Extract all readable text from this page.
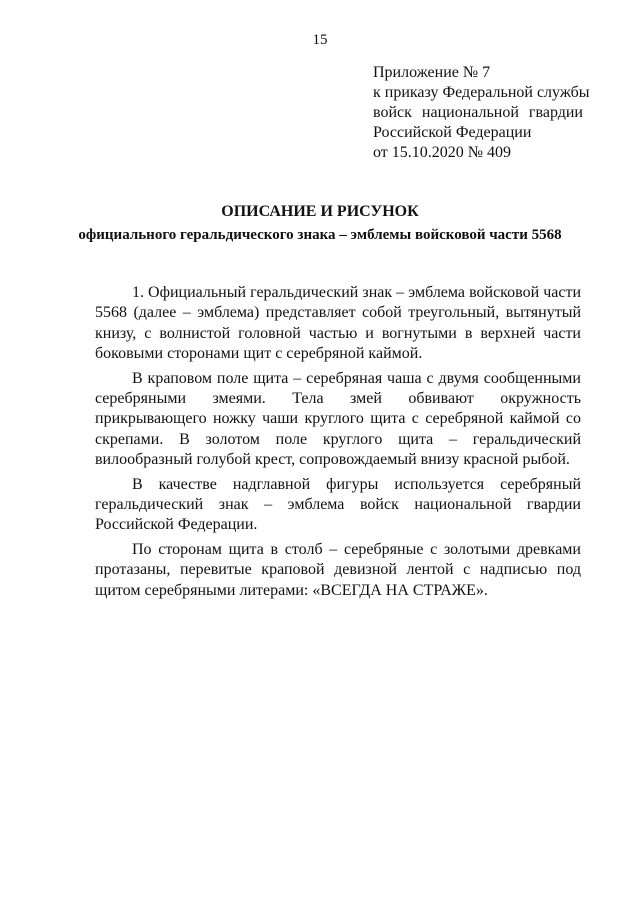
15
Приложение № 7
к приказу Федеральной службы
войск национальной гвардии
Российской Федерации
от 15.10.2020 № 409
ОПИСАНИЕ И РИСУНОК
официального геральдического знака – эмблемы войсковой части 5568

1. Официальный геральдический знак – эмблема войсковой части 5568 (далее – эмблема) представляет собой треугольный, вытянутый книзу, с волнистой головной частью и вогнутыми в верхней части боковыми сторонами щит с серебряной каймой.

В краповом поле щита – серебряная чаша с двумя сообщенными серебряными змеями. Тела змей обвивают окружность прикрывающего ножку чаши круглого щита с серебряной каймой со скрепами. В золотом поле круглого щита – геральдический вилообразный голубой крест, сопровождаемый внизу красной рыбой.

В качестве надглавной фигуры используется серебряный геральдический знак – эмблема войск национальной гвардии Российской Федерации.

По сторонам щита в столб – серебряные с золотыми древками протазаны, перевитые краповой девизной лентой с надписью под щитом серебряными литерами: «ВСЕГДА НА СТРАЖЕ».
